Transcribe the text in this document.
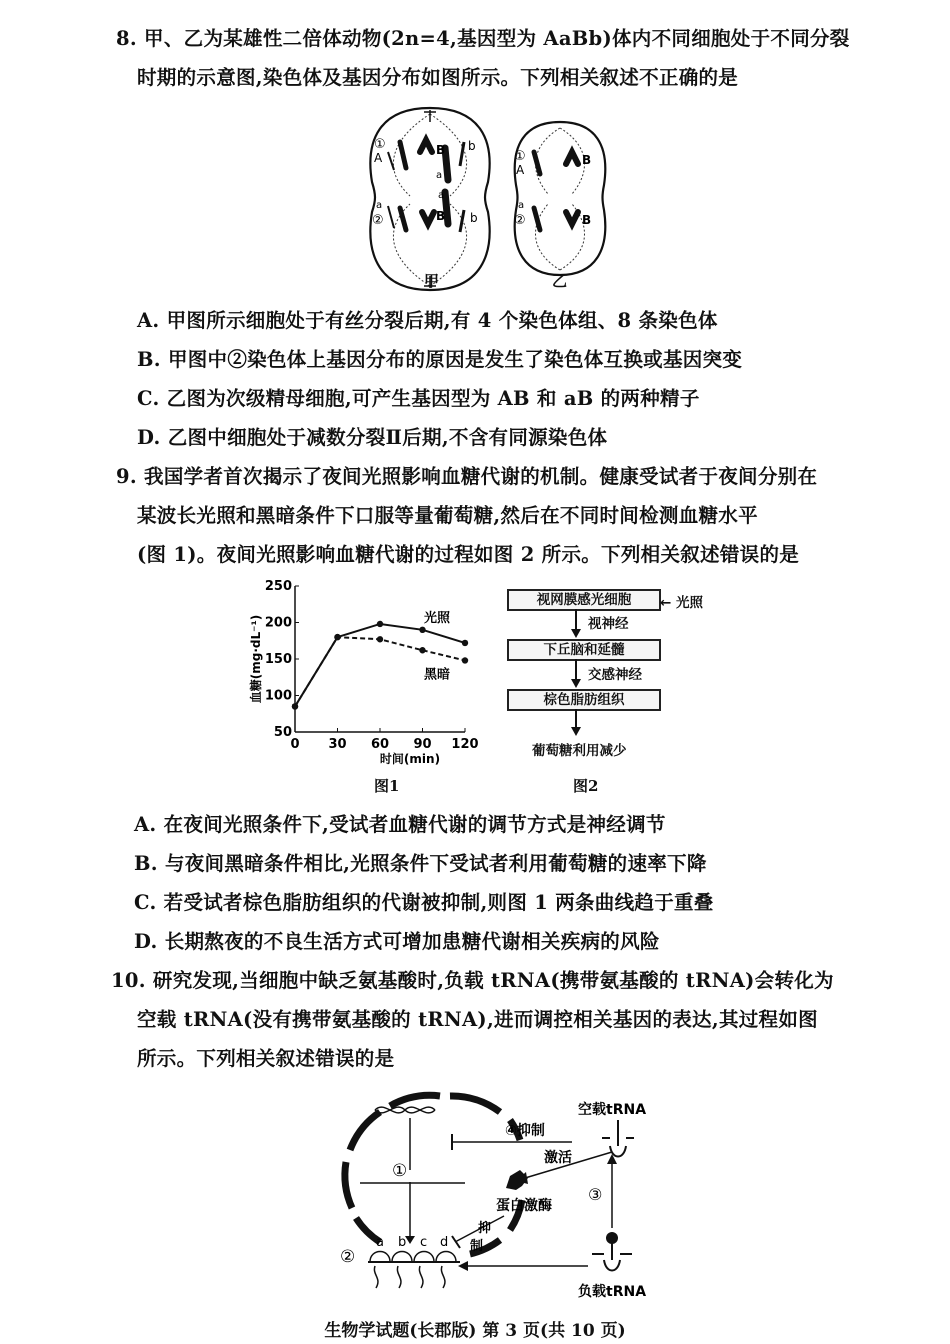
8. 甲、乙为某雄性二倍体动物(2n=4,基因型为 AaBb)体内不同细胞处于不同分裂
时期的示意图,染色体及基因分布如图所示。下列相关叙述不正确的是
①
A
B
a
b
a
a
②	B b
①
A
B
a
②	B
甲	乙
A. 甲图所示细胞处于有丝分裂后期,有 4 个染色体组、8 条染色体
B. 甲图中②染色体上基因分布的原因是发生了染色体互换或基因突变
C. 乙图为次级精母细胞,可产生基因型为 AB 和 aB 的两种精子
D. 乙图中细胞处于减数分裂Ⅱ后期,不含有同源染色体
9. 我国学者首次揭示了夜间光照影响血糖代谢的机制。健康受试者于夜间分别在
某波长光照和黑暗条件下口服等量葡萄糖,然后在不同时间检测血糖水平
(图 1)。夜间光照影响血糖代谢的过程如图 2 所示。下列相关叙述错误的是
50
100
150
200
250
0 30 60 90 120
时间(min)
血糖(mg·dL⁻¹)	光照
黑暗
图1
视网膜感光细胞	← 光照
视神经
下丘脑和延髓
交感神经
棕色脂肪组织
葡萄糖利用减少
图2
A. 在夜间光照条件下,受试者血糖代谢的调节方式是神经调节
B. 与夜间黑暗条件相比,光照条件下受试者利用葡萄糖的速率下降
C. 若受试者棕色脂肪组织的代谢被抑制,则图 1 两条曲线趋于重叠
D. 长期熬夜的不良生活方式可增加患糖代谢相关疾病的风险
10. 研究发现,当细胞中缺乏氨基酸时,负载 tRNA(携带氨基酸的 tRNA)会转化为
空载 tRNA(没有携带氨基酸的 tRNA),进而调控相关基因的表达,其过程如图
所示。下列相关叙述错误的是
①
a b c d
②
④抑制
空载tRNA
激活
蛋白激酶
抑
制
③
负载tRNA
生物学试题(长郡版) 第 3 页(共 10 页)
